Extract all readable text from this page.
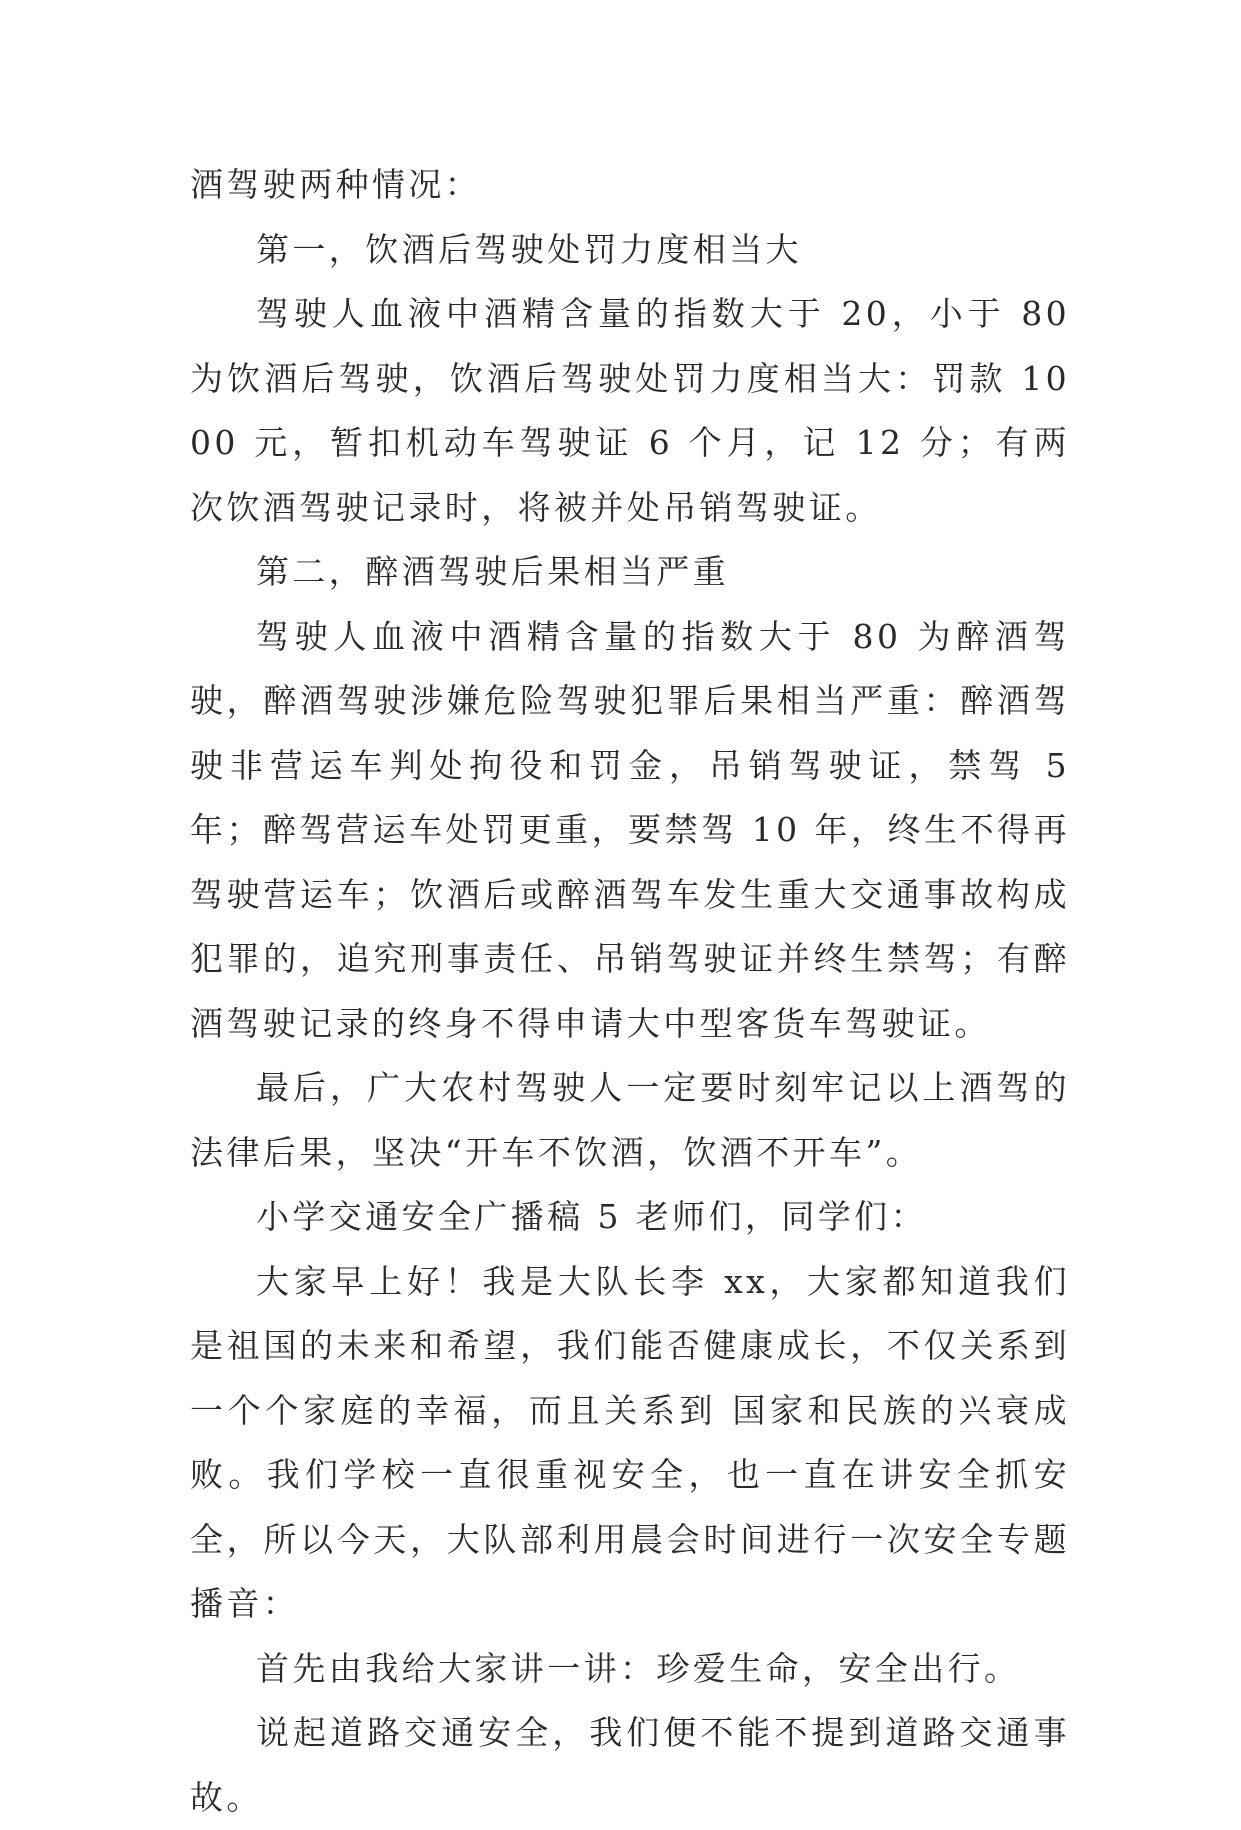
酒驾驶两种情况：

第一，饮酒后驾驶处罚力度相当大

驾驶人血液中酒精含量的指数大于 20，小于 80 为饮酒后驾驶，饮酒后驾驶处罚力度相当大：罚款 1000 元，暂扣机动车驾驶证 6 个月，记 12 分；有两次饮酒驾驶记录时，将被并处吊销驾驶证。

第二，醉酒驾驶后果相当严重

驾驶人血液中酒精含量的指数大于 80 为醉酒驾驶，醉酒驾驶涉嫌危险驾驶犯罪后果相当严重：醉酒驾驶非营运车判处拘役和罚金，吊销驾驶证，禁驾 5 年；醉驾营运车处罚更重，要禁驾 10 年，终生不得再驾驶营运车；饮酒后或醉酒驾车发生重大交通事故构成犯罪的，追究刑事责任、吊销驾驶证并终生禁驾；有醉酒驾驶记录的终身不得申请大中型客货车驾驶证。

最后，广大农村驾驶人一定要时刻牢记以上酒驾的法律后果，坚决“开车不饮酒，饮酒不开车”。

小学交通安全广播稿 5 老师们，同学们：

大家早上好！我是大队长李 xx，大家都知道我们是祖国的未来和希望，我们能否健康成长，不仅关系到一个个家庭的幸福，而且关系到 国家和民族的兴衰成败。我们学校一直很重视安全，也一直在讲安全抓安全，所以今天，大队部利用晨会时间进行一次安全专题播音：

首先由我给大家讲一讲：珍爱生命，安全出行。

说起道路交通安全，我们便不能不提到道路交通事故。
